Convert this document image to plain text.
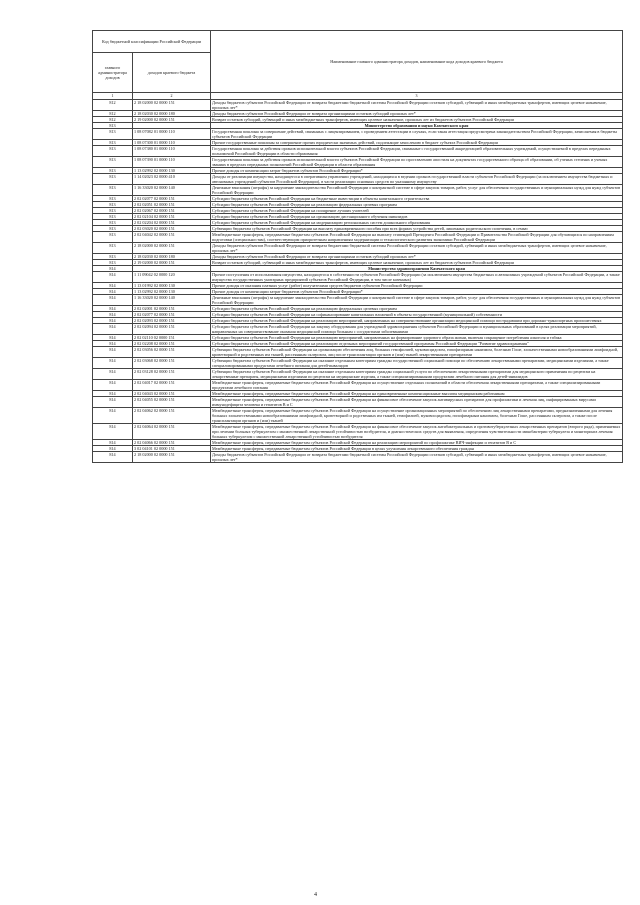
Код бюджетной классификации Российской Федерации		Наименование главного администратора доходов, наименование кода доходов краевого бюджета
главного администратора доходов	доходов краевого бюджета	
1	2	3
812	2 18 02000 02 0000 151	Доходы бюджетов субъектов Российской Федерации от возврата бюджетами бюджетной системы Российской Федерации остатков субсидий, субвенций и иных межбюджетных трансфертов, имеющих целевое назначение, прошлых лет*
812	2 18 02030 02 0000 180	Доходы бюджетов субъектов Российской Федерации от возврата организациями остатков субсидий прошлых лет*
812	2 19 02000 02 0000 151	Возврат остатков субсидий, субвенций и иных межбюджетных трансфертов, имеющих целевое назначение, прошлых лет из бюджетов субъектов Российской Федерации
813		Министерство образования и науки Камчатского края
813	1 08 07082 01 0000 110	Государственная пошлина за совершение действий, связанных с лицензированием, с проведением аттестации в случаях, если такая аттестация предусмотрена законодательством Российской Федерации, зачисляемая в бюджеты субъектов Российской Федерации
813	1 08 07300 01 0000 110	Прочие государственные пошлины за совершение прочих юридически значимых действий, подлежащие зачислению в бюджет субъекта Российской Федерации
813	1 08 07380 01 0000 110	Государственная пошлина за действия органов исполнительной власти субъектов Российской Федерации, связанные с государственной аккредитацией образовательных учреждений, осуществляемой в пределах переданных полномочий Российской Федерации в области образования
813	1 08 07390 01 0000 110	Государственная пошлина за действия органов исполнительной власти субъектов Российской Федерации по проставлению апостиля на документах государственного образца об образовании, об ученых степенях и ученых званиях в пределах переданных полномочий Российской Федерации в области образования
813	1 13 02992 02 0000 130	Прочие доходы от компенсации затрат бюджетов субъектов Российской Федерации*
813	1 14 02023 02 0000 410	Доходы от реализации имущества, находящегося в оперативном управлении учреждений, находящихся в ведении органов государственной власти субъектов Российской Федерации (за исключением имущества бюджетных и автономных учреждений субъектов Российской Федерации), в части реализации основных средств по указанному имуществу
813	1 16 33020 02 0000 140	Денежные взыскания (штрафы) за нарушение законодательства Российской Федерации о контрактной системе в сфере закупок товаров, работ, услуг для обеспечения государственных и муниципальных нужд для нужд субъектов Российской Федерации
813	2 02 02077 02 0000 151	Субсидии бюджетам субъектов Российской Федерации на бюджетные инвестиции в объекты капитального строительства
813	2 02 02051 02 0000 151	Субсидии бюджетам субъектов Российской Федерации на реализацию федеральных целевых программ
813	2 02 02067 02 0000 151	Субсидии бюджетам субъектов Российской Федерации на поощрение лучших учителей
813	2 02 02104 02 0000 151	Субсидии бюджетам субъектов Российской Федерации на организацию дистанционного обучения инвалидов
813	2 02 02204 02 0000 151	Субсидии бюджетам субъектов Российской Федерации на модернизацию региональных систем дошкольного образования
813	2 02 03020 02 0000 151	Субвенции бюджетам субъектов Российской Федерации на выплату единовременного пособия при всех формах устройства детей, лишенных родительского попечения, в семью
813	2 02 04042 02 0000 151	Межбюджетные трансферты, передаваемые бюджетам субъектов Российской Федерации на выплату стипендий Президента Российской Федерации и Правительства Российской Федерации для обучающихся по направлениям подготовки (специальностям), соответствующим приоритетным направлениям модернизации и технологического развития экономики Российской Федерации
813	2 18 02000 02 0000 151	Доходы бюджетов субъектов Российской Федерации от возврата бюджетами бюджетной системы Российской Федерации остатков субсидий, субвенций и иных межбюджетных трансфертов, имеющих целевое назначение, прошлых лет*
813	2 18 02030 02 0000 180	Доходы бюджетов субъектов Российской Федерации от возврата организациями остатков субсидий прошлых лет*
813	2 19 02000 02 0000 151	Возврат остатков субсидий, субвенций и иных межбюджетных трансфертов, имеющих целевое назначение, прошлых лет из бюджетов субъектов Российской Федерации
814		Министерство здравоохранения Камчатского края
814	1 11 09042 02 0000 120	Прочие поступления от использования имущества, находящегося в собственности субъектов Российской Федерации (за исключением имущества бюджетных и автономных учреждений субъектов Российской Федерации, а также имущества государственных унитарных предприятий субъектов Российской Федерации, в том числе казенных)
814	1 13 01992 02 0000 130	Прочие доходы от оказания платных услуг (работ) получателями средств бюджетов субъектов Российской Федерации
814	1 13 02992 02 0000 130	Прочие доходы от компенсации затрат бюджетов субъектов Российской Федерации*
814	1 16 33020 02 0000 140	Денежные взыскания (штрафы) за нарушение законодательства Российской Федерации о контрактной системе в сфере закупок товаров, работ, услуг для обеспечения государственных и муниципальных нужд для нужд субъектов Российской Федерации
814	2 02 02001 02 0000 151	Субсидии бюджетам субъектов Российской Федерации на реализацию федеральных целевых программ
814	2 02 02077 02 0000 151	Субсидии бюджетам субъектов Российской Федерации на софинансирование капитальных вложений в объекты государственной (муниципальной) собственности
814	2 02 02093 02 0000 151	Субсидии бюджетам субъектов Российской Федерации на реализацию мероприятий, направленных на совершенствование организации медицинской помощи пострадавшим при дорожно-транспортных происшествиях
814	2 02 02094 02 0000 151	Субсидии бюджетам субъектов Российской Федерации на закупку оборудования для учреждений здравоохранения субъектов Российской Федерации и муниципальных образований в целях реализации мероприятий, направленных на совершенствование оказания медицинской помощи больным с сосудистыми заболеваниями
814	2 02 02110 02 0000 151	Субсидии бюджетам субъектов Российской Федерации на реализацию мероприятий, направленных на формирование здорового образа жизни, включая сокращение потребления алкоголя и табака
814	2 02 02208 02 0000 151	Субсидии бюджетам субъектов Российской Федерации на реализацию отдельных мероприятий государственной программы Российской Федерации "Развитие здравоохранения"
814	2 02 03056 02 0000 151	Субвенции бюджетам субъектов Российской Федерации на организацию обеспечения лиц, больных гемофилией, муковисцидозом, гипофизарным нанизмом, болезнью Гоше, злокачественными новообразованиями лимфоидной, кроветворной и родственных им тканей, рассеянным склерозом, лиц после трансплантации органов и (или) тканей лекарственными препаратами
814	2 02 03068 02 0000 151	Субвенции бюджетам субъектов Российской Федерации на оказание отдельным категориям граждан государственной социальной помощи по обеспечению лекарственными препаратами, медицинскими изделиями, а также специализированными продуктами лечебного питания для детей-инвалидов
814	2 02 03128 02 0000 151	Субвенции бюджетам субъектов Российской Федерации на оказание отдельным категориям граждан социальной услуги по обеспечению лекарственными препаратами для медицинского применения по рецептам на лекарственные препараты, медицинскими изделиями по рецептам на медицинские изделия, а также специализированными продуктами лечебного питания для детей-инвалидов
814	2 02 04017 02 0000 151	Межбюджетные трансферты, передаваемые бюджетам субъектов Российской Федерации на осуществление отдельных полномочий в области обеспечения лекарственными препаратами, а также специализированными продуктами лечебного питания
814	2 02 04043 02 0000 151	Межбюджетные трансферты, передаваемые бюджетам субъектов Российской Федерации на единовременные компенсационные выплаты медицинским работникам
814	2 02 04055 02 0000 151	Межбюджетные трансферты, передаваемые бюджетам субъектов Российской Федерации на финансовое обеспечение закупок антивирусных препаратов для профилактики и лечения лиц, инфицированных вирусами иммунодефицита человека и гепатитов B и C
814	2 02 04062 02 0000 151	Межбюджетные трансферты, передаваемые бюджетам субъектов Российской Федерации на осуществление организационных мероприятий по обеспечению лиц лекарственными препаратами, предназначенными для лечения больных злокачественными новообразованиями лимфоидной, кроветворной и родственных им тканей, гемофилией, муковисцидозом, гипофизарным нанизмом, болезнью Гоше, рассеянным склерозом, а также после трансплантации органов и (или) тканей
814	2 02 04064 02 0000 151	Межбюджетные трансферты, передаваемые бюджетам субъектов Российской Федерации на финансовое обеспечение закупок антибактериальных и противотуберкулезных лекарственных препаратов (второго ряда), применяемых при лечении больных туберкулезом с множественной лекарственной устойчивостью возбудителя, и диагностических средств для выявления, определения чувствительности микобактерии туберкулеза и мониторинга лечения больных туберкулезом с множественной лекарственной устойчивостью возбудителя
814	2 02 04066 02 0000 151	Межбюджетные трансферты, передаваемые бюджетам субъектов Российской Федерации на реализацию мероприятий по профилактике ВИЧ-инфекции и гепатитов B и C
814	3 02 04101 02 0000 151	Межбюджетные трансферты, передаваемые бюджетам субъектов Российской Федерации в целях улучшения лекарственного обеспечения граждан
814	2 18 02000 02 0000 151	Доходы бюджетов субъектов Российской Федерации от возврата бюджетами бюджетной системы Российской Федерации остатков субсидий, субвенций и иных межбюджетных трансфертов, имеющих целевое назначение, прошлых лет*
4
